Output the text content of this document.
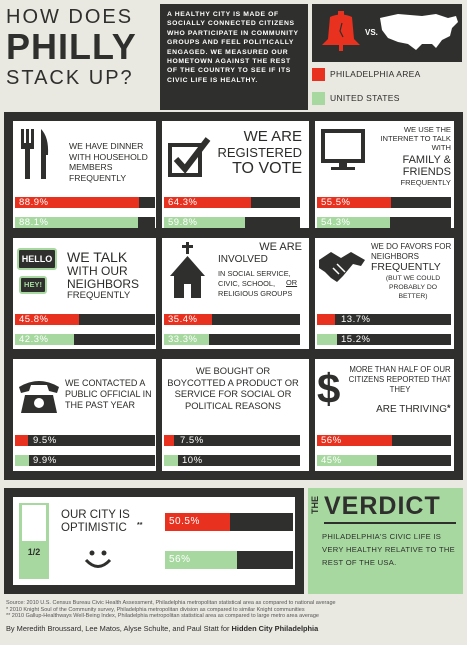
HOW DOES
PHILLY
STACK UP?
A HEALTHY CITY IS MADE OF SOCIALLY CONNECTED CITIZENS WHO PARTICIPATE IN COMMUNITY GROUPS AND FEEL POLITICALLY ENGAGED. WE MEASURED OUR HOMETOWN AGAINST THE REST OF THE COUNTRY TO SEE IF ITS CIVIC LIFE IS HEALTHY.
VS.
PHILADELPHIA AREA
UNITED STATES
WE HAVE DINNER WITH HOUSEHOLD MEMBERS FREQUENTLY
88.9%
88.1%
WE ARE
REGISTERED
TO VOTE
64.3%
59.8%
WE USE THE INTERNET TO TALK WITH
FAMILY & FRIENDS
FREQUENTLY
55.5%
54.3%
HELLO
HEY!
WE TALK
WITH OUR
NEIGHBORS
FREQUENTLY
45.8%
42.3%
WE ARE
INVOLVED
IN SOCIAL SERVICE, CIVIC, SCHOOL,	OR
RELIGIOUS GROUPS
35.4%
33.3%
WE DO FAVORS FOR NEIGHBORS
FREQUENTLY
(BUT WE COULD PROBABLY DO BETTER)
13.7%
15.2%
WE CONTACTED A PUBLIC OFFICIAL IN THE PAST YEAR
9.5%
9.9%
WE BOUGHT OR BOYCOTTED A PRODUCT OR SERVICE FOR SOCIAL OR POLITICAL REASONS
7.5%
10%
$	MORE THAN HALF OF OUR CITIZENS REPORTED THAT THEY
ARE THRIVING *
56%
45%
1/2
OUR CITY IS
OPTIMISTIC	**	50.5%
56%
THE VERDICT
PHILADELPHIA'S CIVIC LIFE IS VERY HEALTHY RELATIVE TO THE REST OF THE USA.
Source: 2010 U.S. Census Bureau Civic Health Assessment, Philadelphia metropolitan statistical area as compared to national average
* 2010 Knight Soul of the Community survey, Philadelphia metropolitan division as compared to similar Knight communities
** 2010 Gallup-Healthways Well-Being Index, Philadelphia metropolitan statistical area as compared to large metro area average
By Meredith Broussard, Lee Matos, Alyse Schulte, and Paul Statt for Hidden City Philadelphia
